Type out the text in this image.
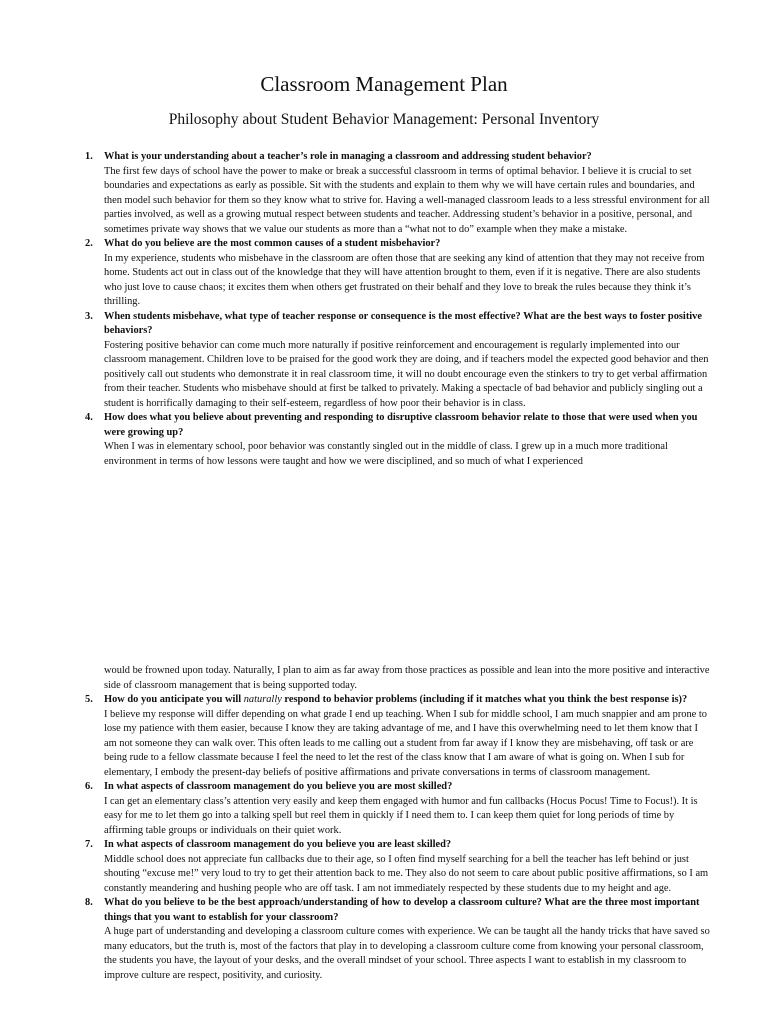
Classroom Management Plan
Philosophy about Student Behavior Management: Personal Inventory
1. What is your understanding about a teacher’s role in managing a classroom and addressing student behavior?
The first few days of school have the power to make or break a successful classroom in terms of optimal behavior. I believe it is crucial to set boundaries and expectations as early as possible. Sit with the students and explain to them why we will have certain rules and boundaries, and then model such behavior for them so they know what to strive for. Having a well-managed classroom leads to a less stressful environment for all parties involved, as well as a growing mutual respect between students and teacher. Addressing student’s behavior in a positive, personal, and sometimes private way shows that we value our students as more than a “what not to do” example when they make a mistake.
2. What do you believe are the most common causes of a student misbehavior?
In my experience, students who misbehave in the classroom are often those that are seeking any kind of attention that they may not receive from home. Students act out in class out of the knowledge that they will have attention brought to them, even if it is negative. There are also students who just love to cause chaos; it excites them when others get frustrated on their behalf and they love to break the rules because they think it’s thrilling.
3. When students misbehave, what type of teacher response or consequence is the most effective? What are the best ways to foster positive behaviors?
Fostering positive behavior can come much more naturally if positive reinforcement and encouragement is regularly implemented into our classroom management. Children love to be praised for the good work they are doing, and if teachers model the expected good behavior and then positively call out students who demonstrate it in real classroom time, it will no doubt encourage even the stinkers to try to get verbal affirmation from their teacher. Students who misbehave should at first be talked to privately. Making a spectacle of bad behavior and publicly singling out a student is horrifically damaging to their self-esteem, regardless of how poor their behavior is in class.
4. How does what you believe about preventing and responding to disruptive classroom behavior relate to those that were used when you were growing up?
When I was in elementary school, poor behavior was constantly singled out in the middle of class. I grew up in a much more traditional environment in terms of how lessons were taught and how we were disciplined, and so much of what I experienced
would be frowned upon today. Naturally, I plan to aim as far away from those practices as possible and lean into the more positive and interactive side of classroom management that is being supported today.
5. How do you anticipate you will naturally respond to behavior problems (including if it matches what you think the best response is)?
I believe my response will differ depending on what grade I end up teaching. When I sub for middle school, I am much snappier and am prone to lose my patience with them easier, because I know they are taking advantage of me, and I have this overwhelming need to let them know that I am not someone they can walk over. This often leads to me calling out a student from far away if I know they are misbehaving, off task or are being rude to a fellow classmate because I feel the need to let the rest of the class know that I am aware of what is going on. When I sub for elementary, I embody the present-day beliefs of positive affirmations and private conversations in terms of classroom management.
6. In what aspects of classroom management do you believe you are most skilled?
I can get an elementary class’s attention very easily and keep them engaged with humor and fun callbacks (Hocus Pocus! Time to Focus!). It is easy for me to let them go into a talking spell but reel them in quickly if I need them to. I can keep them quiet for long periods of time by affirming table groups or individuals on their quiet work.
7. In what aspects of classroom management do you believe you are least skilled?
Middle school does not appreciate fun callbacks due to their age, so I often find myself searching for a bell the teacher has left behind or just shouting “excuse me!” very loud to try to get their attention back to me. They also do not seem to care about public positive affirmations, so I am constantly meandering and hushing people who are off task. I am not immediately respected by these students due to my height and age.
8. What do you believe to be the best approach/understanding of how to develop a classroom culture? What are the three most important things that you want to establish for your classroom?
A huge part of understanding and developing a classroom culture comes with experience. We can be taught all the handy tricks that have saved so many educators, but the truth is, most of the factors that play in to developing a classroom culture come from knowing your personal classroom, the students you have, the layout of your desks, and the overall mindset of your school. Three aspects I want to establish in my classroom to improve culture are respect, positivity, and curiosity.
